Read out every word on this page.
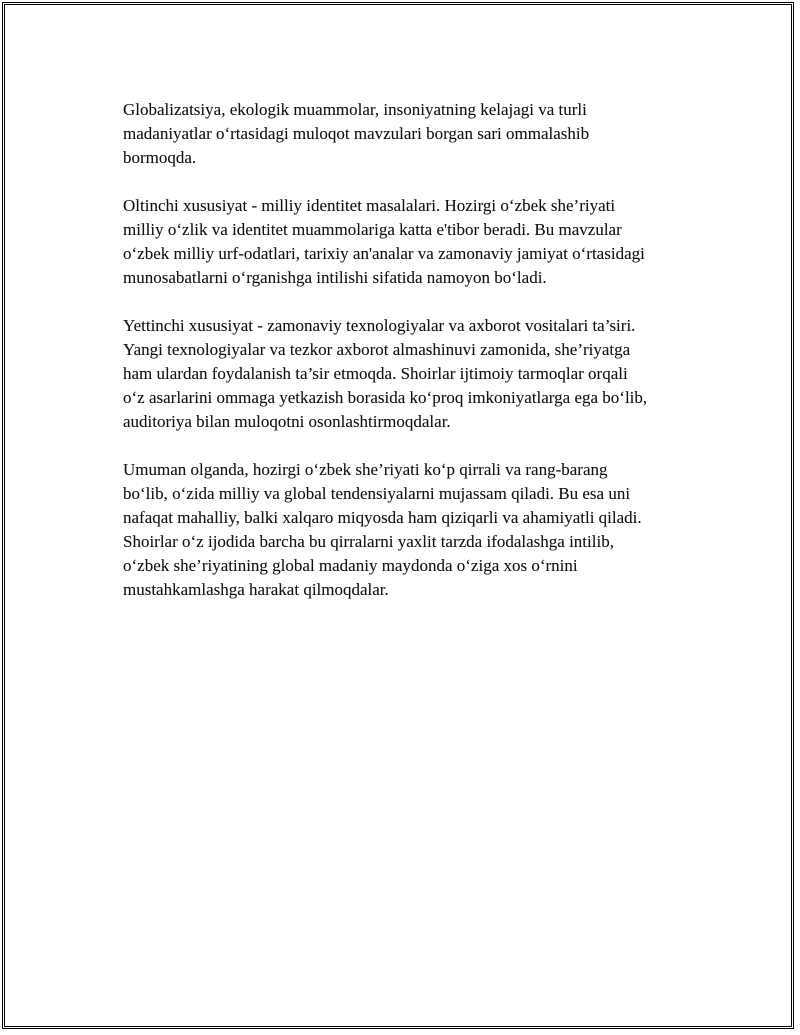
Globalizatsiya, ekologik muammolar, insoniyatning kelajagi va turli
madaniyatlar o‘rtasidagi muloqot mavzulari borgan sari ommalashib
bormoqda.

Oltinchi xususiyat - milliy identitet masalalari. Hozirgi o‘zbek she’riyati
milliy o‘zlik va identitet muammolariga katta e'tibor beradi. Bu mavzular
o‘zbek milliy urf-odatlari, tarixiy an'analar va zamonaviy jamiyat o‘rtasidagi
munosabatlarni o‘rganishga intilishi sifatida namoyon bo‘ladi.

Yettinchi xususiyat - zamonaviy texnologiyalar va axborot vositalari ta’siri.
Yangi texnologiyalar va tezkor axborot almashinuvi zamonida, she’riyatga
ham ulardan foydalanish ta’sir etmoqda. Shoirlar ijtimoiy tarmoqlar orqali
o‘z asarlarini ommaga yetkazish borasida ko‘proq imkoniyatlarga ega bo‘lib,
auditoriya bilan muloqotni osonlashtirmoqdalar.

Umuman olganda, hozirgi o‘zbek she’riyati ko‘p qirrali va rang-barang
bo‘lib, o‘zida milliy va global tendensiyalarni mujassam qiladi. Bu esa uni
nafaqat mahalliy, balki xalqaro miqyosda ham qiziqarli va ahamiyatli qiladi.
Shoirlar o‘z ijodida barcha bu qirralarni yaxlit tarzda ifodalashga intilib,
o‘zbek she’riyatining global madaniy maydonda o‘ziga xos o‘rnini
mustahkamlashga harakat qilmoqdalar.
